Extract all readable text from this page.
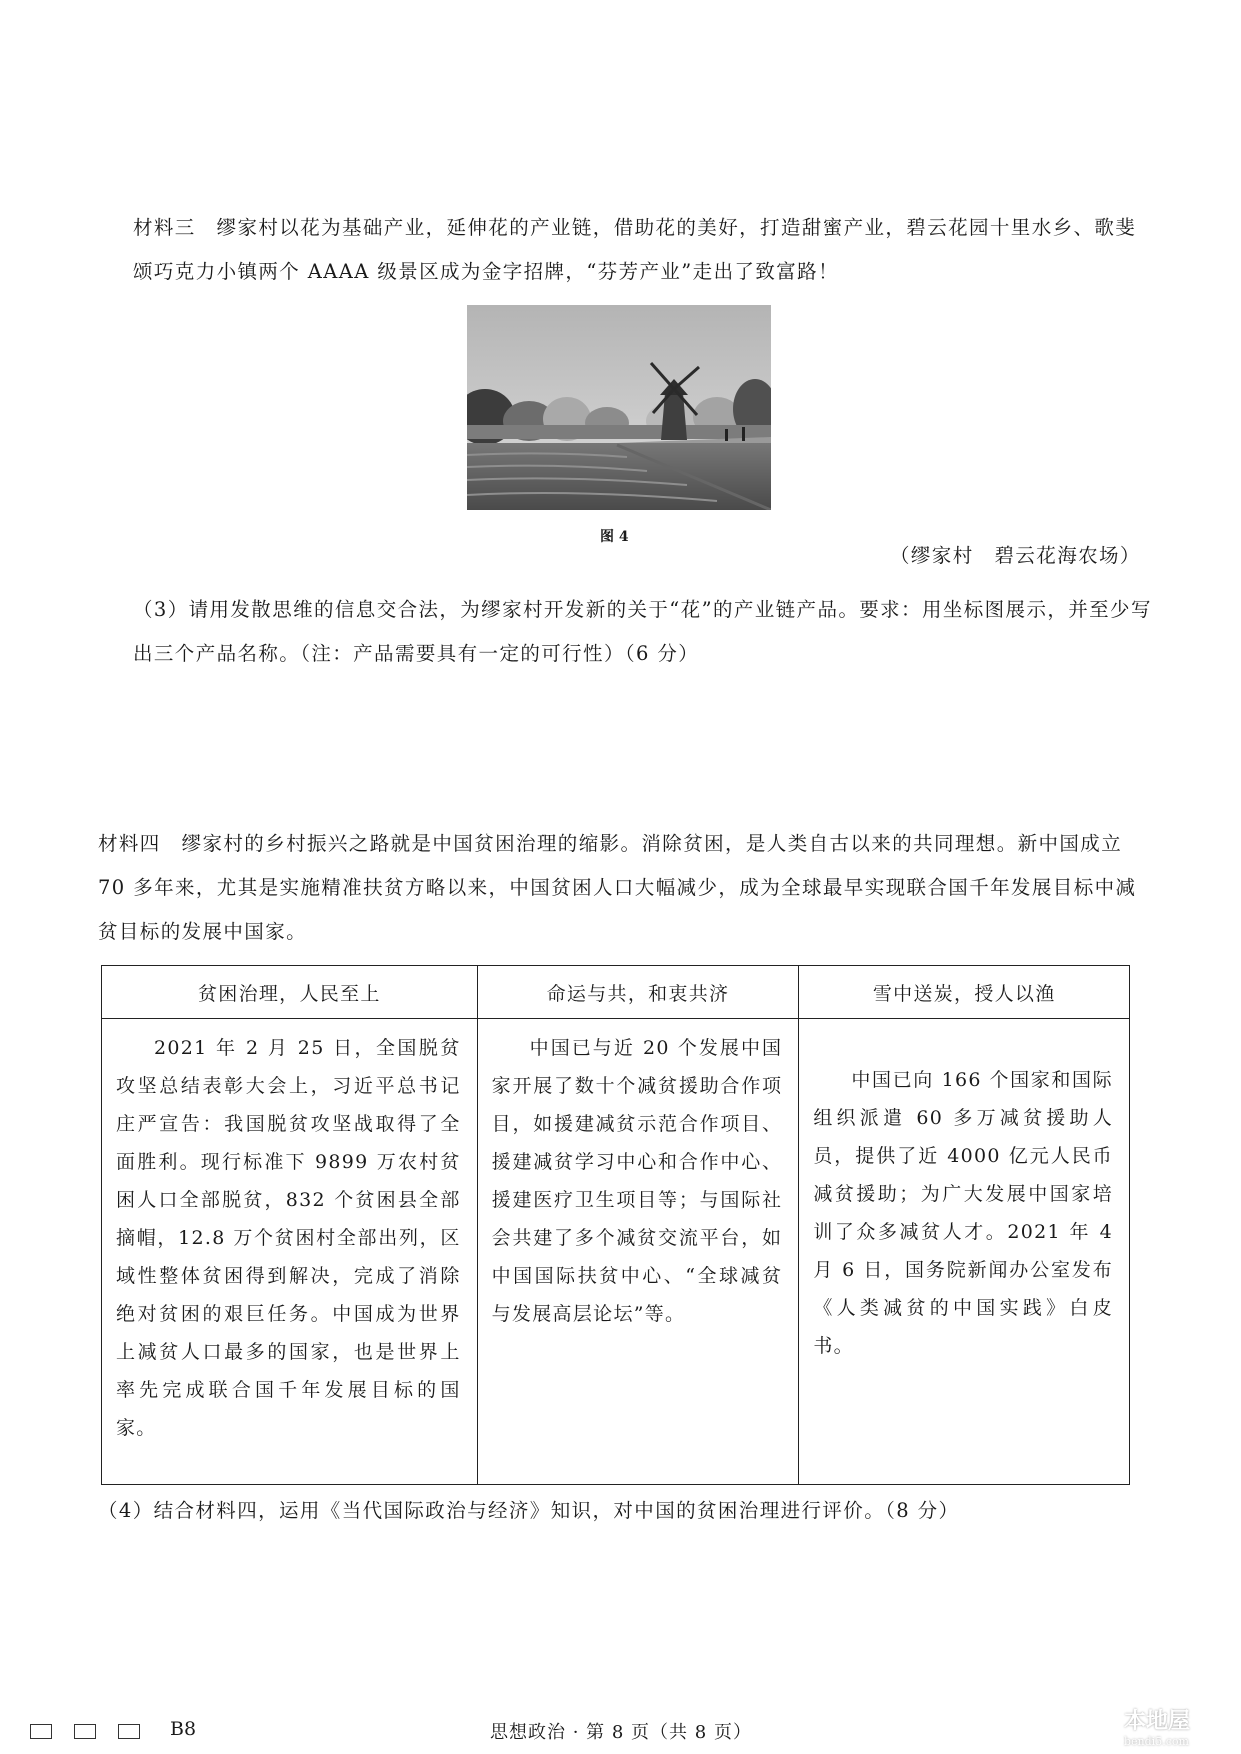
材料三　缪家村以花为基础产业，延伸花的产业链，借助花的美好，打造甜蜜产业，碧云花园十里水乡、歌斐颂巧克力小镇两个 AAAA 级景区成为金字招牌，“芬芳产业”走出了致富路！

图 4
（缪家村　碧云花海农场）

（3）请用发散思维的信息交合法，为缪家村开发新的关于“花”的产业链产品。要求：用坐标图展示，并至少写出三个产品名称。（注：产品需要具有一定的可行性）（6 分）

材料四　缪家村的乡村振兴之路就是中国贫困治理的缩影。消除贫困，是人类自古以来的共同理想。新中国成立 70 多年来，尤其是实施精准扶贫方略以来，中国贫困人口大幅减少，成为全球最早实现联合国千年发展目标中减贫目标的发展中国家。

贫困治理，人民至上	命运与共，和衷共济	雪中送炭，授人以渔

2021 年 2 月 25 日，全国脱贫攻坚总结表彰大会上，习近平总书记庄严宣告：我国脱贫攻坚战取得了全面胜利。现行标准下 9899 万农村贫困人口全部脱贫，832 个贫困县全部摘帽，12.8 万个贫困村全部出列，区域性整体贫困得到解决，完成了消除绝对贫困的艰巨任务。中国成为世界上减贫人口最多的国家，也是世界上率先完成联合国千年发展目标的国家。	中国已与近 20 个发展中国家开展了数十个减贫援助合作项目，如援建减贫示范合作项目、援建减贫学习中心和合作中心、援建医疗卫生项目等；与国际社会共建了多个减贫交流平台，如中国国际扶贫中心、“全球减贫与发展高层论坛”等。	中国已向 166 个国家和国际组织派遣 60 多万减贫援助人员，提供了近 4000 亿元人民币减贫援助；为广大发展中国家培训了众多减贫人才。2021 年 4 月 6 日，国务院新闻办公室发布《人类减贫的中国实践》白皮书。

（4）结合材料四，运用《当代国际政治与经济》知识，对中国的贫困治理进行评价。（8 分）
B8	思想政治 · 第 8 页（共 8 页）	本地屋
bendi5.com
